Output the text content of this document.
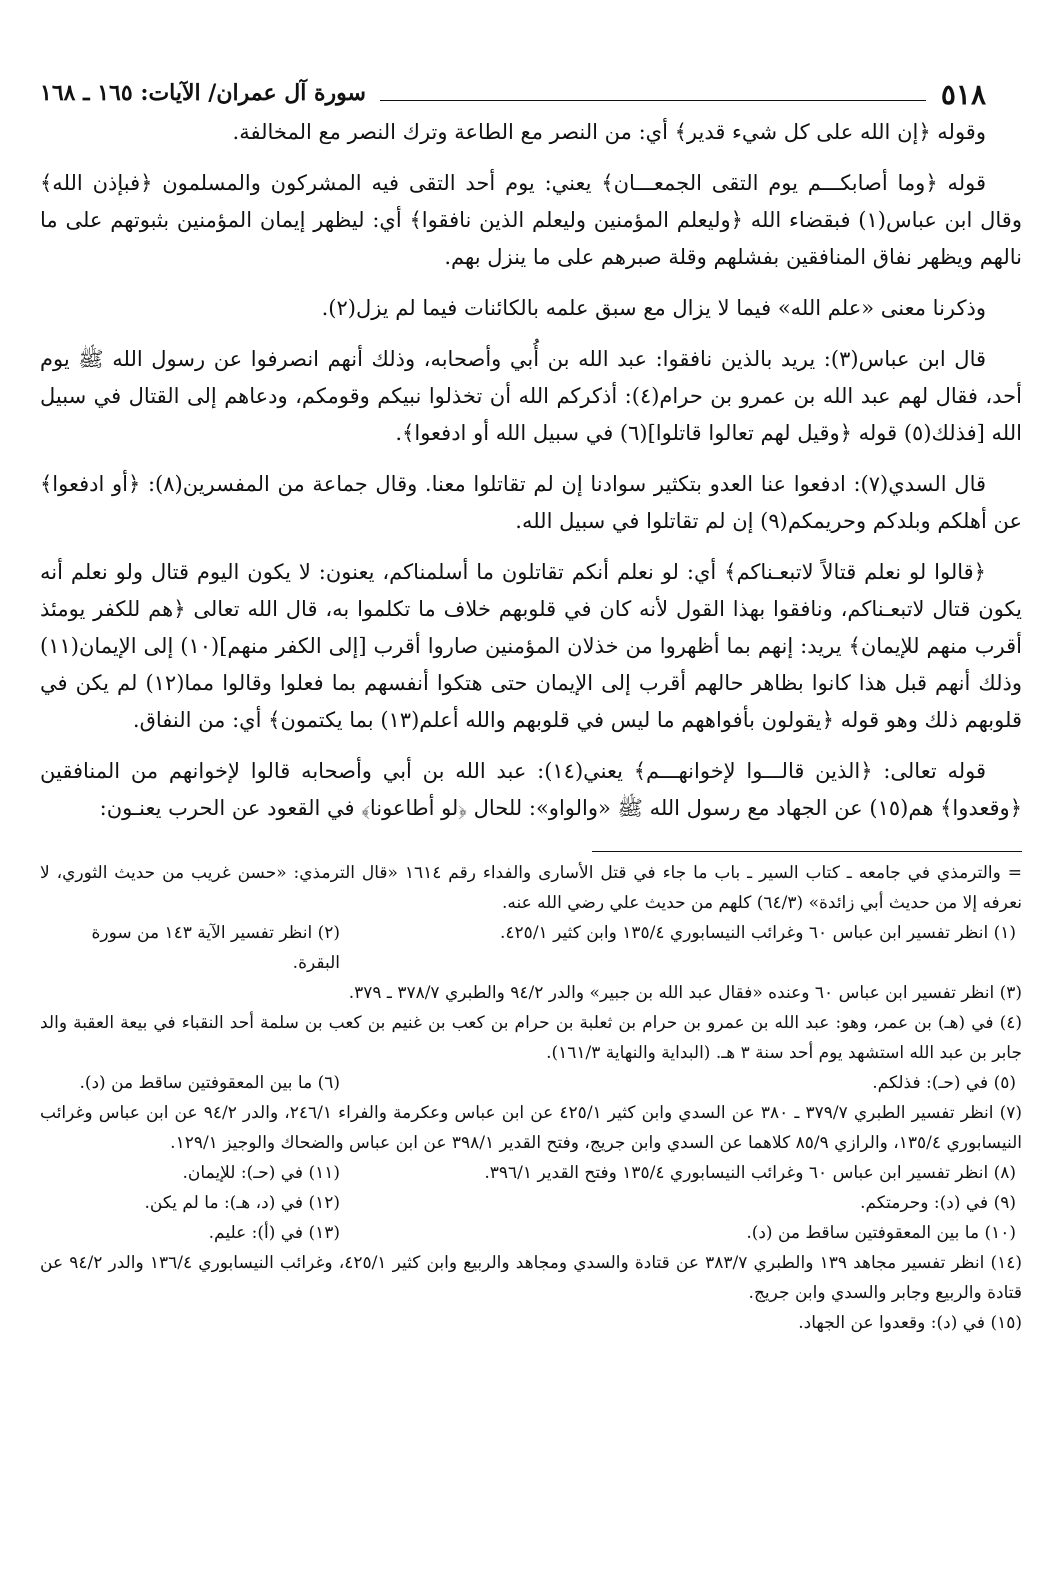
٥١٨
سورة آل عمران/ الآيات: ١٦٥ ـ ١٦٨

وقوله ﴿إن الله على كل شيء قدير﴾ أي: من النصر مع الطاعة وترك النصر مع المخالفة.

قوله ﴿وما أصابكـــم يوم التقى الجمعـــان﴾ يعني: يوم أحد التقى فيه المشركون والمسلمون ﴿فبإذن الله﴾ وقال ابن عباس(١) فبقضاء الله ﴿وليعلم المؤمنين وليعلم الذين نافقوا﴾ أي: ليظهر إيمان المؤمنين بثبوتهم على ما نالهم ويظهر نفاق المنافقين بفشلهم وقلة صبرهم على ما ينزل بهم.

وذكرنا معنى «علم الله» فيما لا يزال مع سبق علمه بالكائنات فيما لم يزل(٢).

قال ابن عباس(٣): يريد بالذين نافقوا: عبد الله بن أُبي وأصحابه، وذلك أنهم انصرفوا عن رسول الله ﷺ يوم أحد، فقال لهم عبد الله بن عمرو بن حرام(٤): أذكركم الله أن تخذلوا نبيكم وقومكم، ودعاهم إلى القتال في سبيل الله [فذلك(٥) قوله ﴿وقيل لهم تعالوا قاتلوا](٦) في سبيل الله أو ادفعوا﴾.

قال السدي(٧): ادفعوا عنا العدو بتكثير سوادنا إن لم تقاتلوا معنا. وقال جماعة من المفسرين(٨): ﴿أو ادفعوا﴾ عن أهلكم وبلدكم وحريمكم(٩) إن لم تقاتلوا في سبيل الله.

﴿قالوا لو نعلم قتالاً لاتبعـناكم﴾ أي: لو نعلم أنكم تقاتلون ما أسلمناكم، يعنون: لا يكون اليوم قتال ولو نعلم أنه يكون قتال لاتبعـناكم، ونافقوا بهذا القول لأنه كان في قلوبهم خلاف ما تكلموا به، قال الله تعالى ﴿هم للكفر يومئذ أقرب منهم للإيمان﴾ يريد: إنهم بما أظهروا من خذلان المؤمنين صاروا أقرب [إلى الكفر منهم](١٠) إلى الإيمان(١١) وذلك أنهم قبل هذا كانوا بظاهر حالهم أقرب إلى الإيمان حتى هتكوا أنفسهم بما فعلوا وقالوا مما(١٢) لم يكن في قلوبهم ذلك وهو قوله ﴿يقولون بأفواههم ما ليس في قلوبهم والله أعلم(١٣) بما يكتمون﴾ أي: من النفاق.

قوله تعالى: ﴿الذين قالـــوا لإخوانهـــم﴾ يعني(١٤): عبد الله بن أبي وأصحابه قالوا لإخوانهم من المنافقين ﴿وقعدوا﴾ هم(١٥) عن الجهاد مع رسول الله ﷺ «والواو»: للحال ﴿لو أطاعونا﴾ في القعود عن الحرب يعنـون:

= والترمذي في جامعه ـ كتاب السير ـ باب ما جاء في قتل الأسارى والفداء رقم ١٦١٤ «قال الترمذي: «حسن غريب من حديث الثوري، لا نعرفه إلا من حديث أبي زائدة» (٦٤/٣) كلهم من حديث علي رضي الله عنه.

(١) انظر تفسير ابن عباس ٦٠ وغرائب النيسابوري ١٣٥/٤ وابن كثير ٤٢٥/١.
(٢) انظر تفسير الآية ١٤٣ من سورة البقرة.

(٣) انظر تفسير ابن عباس ٦٠ وعنده «فقال عبد الله بن جبير» والدر ٩٤/٢ والطبري ٣٧٨/٧ ـ ٣٧٩.

(٤) في (هـ) بن عمر، وهو: عبد الله بن عمرو بن حرام بن ثعلبة بن حرام بن كعب بن غنيم بن كعب بن سلمة أحد النقباء في بيعة العقبة والد جابر بن عبد الله استشهد يوم أحد سنة ٣ هـ. (البداية والنهاية ١٦١/٣).

(٥) في (حـ): فذلكم.
(٦) ما بين المعقوفتين ساقط من (د).

(٧) انظر تفسير الطبري ٣٧٩/٧ ـ ٣٨٠ عن السدي وابن كثير ٤٢٥/١ عن ابن عباس وعكرمة والفراء ٢٤٦/١، والدر ٩٤/٢ عن ابن عباس وغرائب النيسابوري ١٣٥/٤، والرازي ٨٥/٩ كلاهما عن السدي وابن جريج، وفتح القدير ٣٩٨/١ عن ابن عباس والضحاك والوجيز ١٢٩/١.

(٨) انظر تفسير ابن عباس ٦٠ وغرائب النيسابوري ١٣٥/٤ وفتح القدير ٣٩٦/١.
(١١) في (حـ): للإيمان.
(٩) في (د): وحرمتكم.
(١٢) في (د، هـ): ما لم يكن.
(١٠) ما بين المعقوفتين ساقط من (د).
(١٣) في (أ): عليم.

(١٤) انظر تفسير مجاهد ١٣٩ والطبري ٣٨٣/٧ عن قتادة والسدي ومجاهد والربيع وابن كثير ٤٢٥/١، وغرائب النيسابوري ١٣٦/٤ والدر ٩٤/٢ عن قتادة والربيع وجابر والسدي وابن جريج.

(١٥) في (د): وقعدوا عن الجهاد.
